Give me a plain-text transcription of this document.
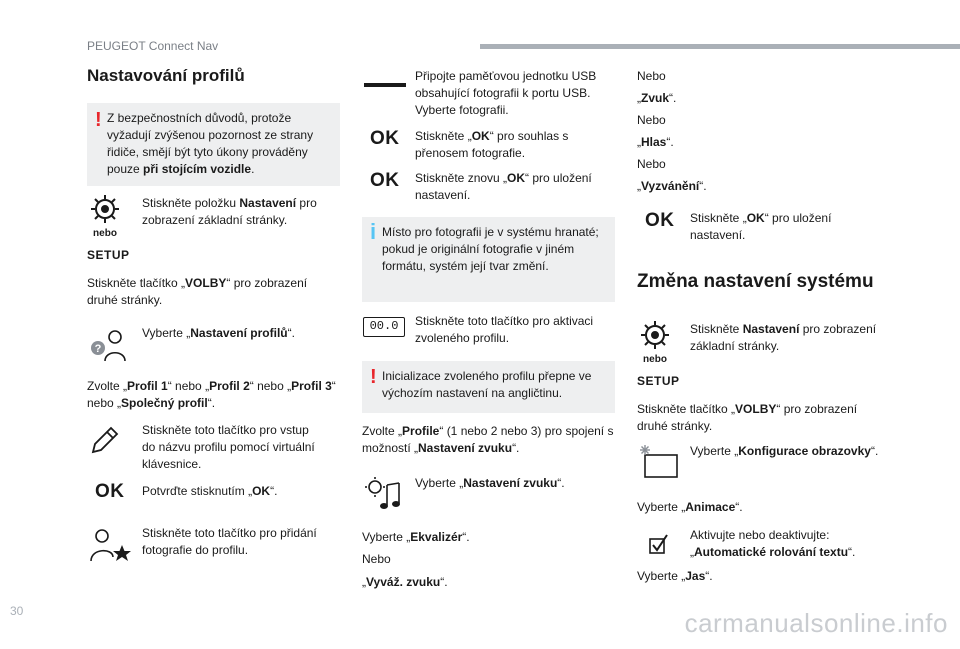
PEUGEOT Connect Nav
Nastavování profilů
! Z bezpečnostních důvodů, protože vyžadují zvýšenou pozornost ze strany řidiče, smějí být tyto úkony prováděny pouze při stojícím vozidle.
nebo
SETUP
Stiskněte položku Nastavení pro zobrazení základní stránky.
Stiskněte tlačítko „VOLBY“ pro zobrazení druhé stránky.
?
Vyberte „Nastavení profilů“.
Zvolte „Profil 1“ nebo „Profil 2“ nebo „Profil 3“ nebo „Společný profil“.
Stiskněte toto tlačítko pro vstup do názvu profilu pomocí virtuální klávesnice.
OK Potvrďte stisknutím „OK“.
Stiskněte toto tlačítko pro přidání fotografie do profilu.
Připojte paměťovou jednotku USB obsahující fotografii k portu USB. Vyberte fotografii.
OK Stiskněte „OK“ pro souhlas s přenosem fotografie.
OK Stiskněte znovu „OK“ pro uložení nastavení.
i Místo pro fotografii je v systému hranaté; pokud je originální fotografie v jiném formátu, systém její tvar změní.
00.0	Stiskněte toto tlačítko pro aktivaci zvoleného profilu.
! Inicializace zvoleného profilu přepne ve výchozím nastavení na angličtinu.
Zvolte „Profile“ (1 nebo 2 nebo 3) pro spojení s možností „Nastavení zvuku“.
Vyberte „Nastavení zvuku“.
Vyberte „Ekvalizér“.
Nebo
„Vyváž. zvuku“.
Nebo
„Zvuk“.
Nebo
„Hlas“.
Nebo
„Vyzvánění“.
OK Stiskněte „OK“ pro uložení nastavení.
Změna nastavení systému
nebo
SETUP
Stiskněte Nastavení pro zobrazení základní stránky.
Stiskněte tlačítko „VOLBY“ pro zobrazení druhé stránky.
Vyberte „Konfigurace obrazovky“.
Vyberte „Animace“.
Aktivujte nebo deaktivujte: „Automatické rolování textu“.
Vyberte „Jas“.
30	carmanualsonline.info
